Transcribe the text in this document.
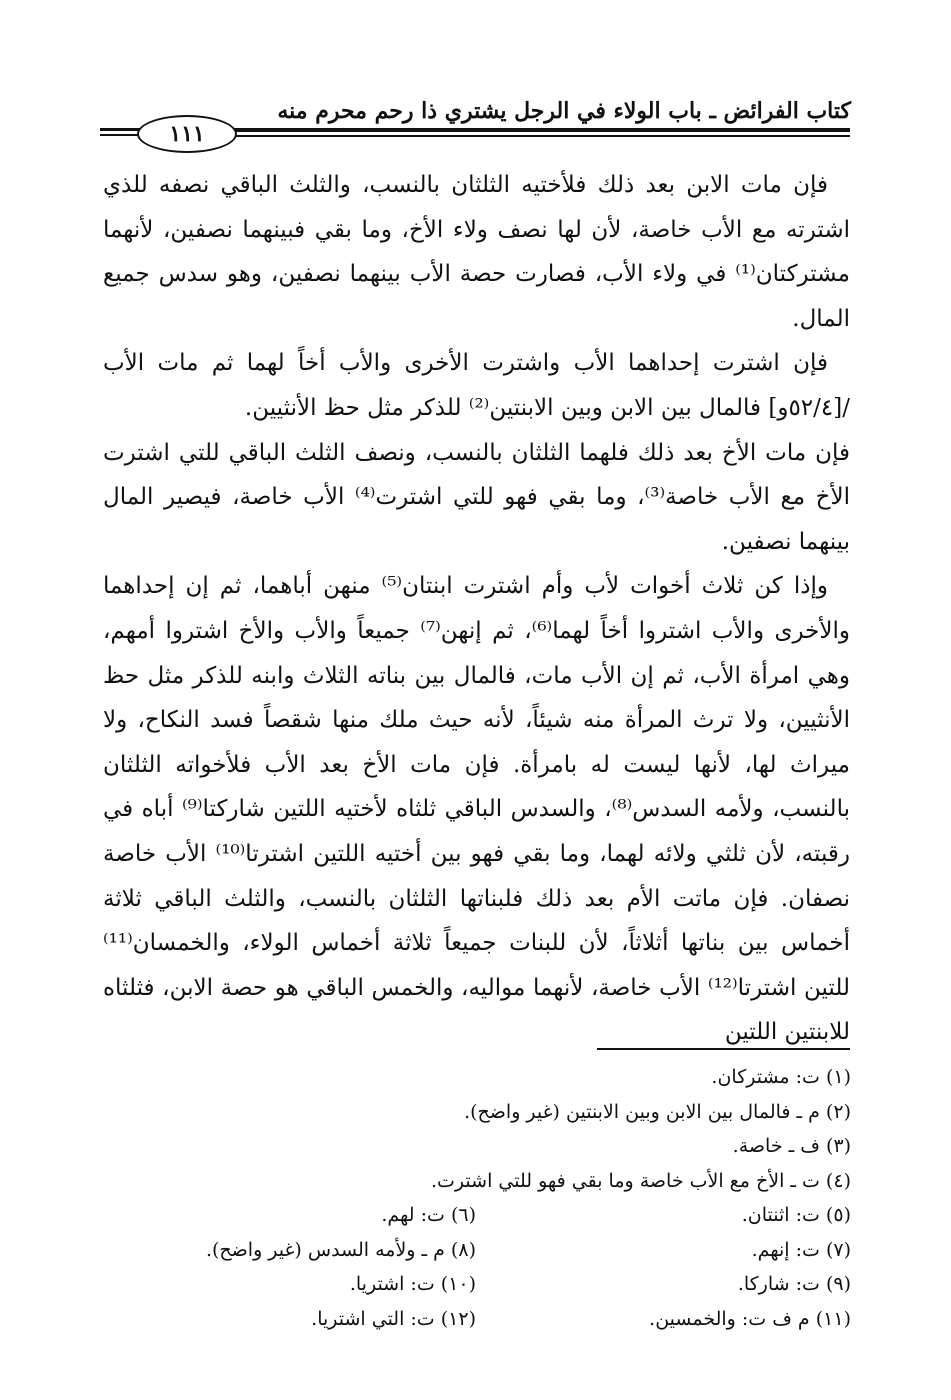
كتاب الفرائض ـ باب الولاء في الرجل يشتري ذا رحم محرم منه
١١١

فإن مات الابن بعد ذلك فلأختيه الثلثان بالنسب، والثلث الباقي نصفه للذي اشترته مع الأب خاصة، لأن لها نصف ولاء الأخ، وما بقي فبينهما نصفين، لأنهما مشتركتان⁽¹⁾ في ولاء الأب، فصارت حصة الأب بينهما نصفين، وهو سدس جميع المال.

فإن اشترت إحداهما الأب واشترت الأخرى والأب أخاً لهما ثم مات الأب /[٥٢/٤و] فالمال بين الابن وبين الابنتين⁽²⁾ للذكر مثل حظ الأنثيين.

فإن مات الأخ بعد ذلك فلهما الثلثان بالنسب، ونصف الثلث الباقي للتي اشترت الأخ مع الأب خاصة⁽³⁾، وما بقي فهو للتي اشترت⁽⁴⁾ الأب خاصة، فيصير المال بينهما نصفين.

وإذا كن ثلاث أخوات لأب وأم اشترت ابنتان⁽⁵⁾ منهن أباهما، ثم إن إحداهما والأخرى والأب اشتروا أخاً لهما⁽⁶⁾، ثم إنهن⁽⁷⁾ جميعاً والأب والأخ اشتروا أمهم، وهي امرأة الأب، ثم إن الأب مات، فالمال بين بناته الثلاث وابنه للذكر مثل حظ الأنثيين، ولا ترث المرأة منه شيئاً، لأنه حيث ملك منها شقصاً فسد النكاح، ولا ميراث لها، لأنها ليست له بامرأة. فإن مات الأخ بعد الأب فلأخواته الثلثان بالنسب، ولأمه السدس⁽⁸⁾، والسدس الباقي ثلثاه لأختيه اللتين شاركتا⁽⁹⁾ أباه في رقبته، لأن ثلثي ولائه لهما، وما بقي فهو بين أختيه اللتين اشترتا⁽¹⁰⁾ الأب خاصة نصفان. فإن ماتت الأم بعد ذلك فلبناتها الثلثان بالنسب، والثلث الباقي ثلاثة أخماس بين بناتها أثلاثاً، لأن للبنات جميعاً ثلاثة أخماس الولاء، والخمسان⁽¹¹⁾ للتين اشترتا⁽¹²⁾ الأب خاصة، لأنهما مواليه، والخمس الباقي هو حصة الابن، فثلثاه للابنتين اللتين

(١) ت: مشتركان.
(٢) م ـ فالمال بين الابن وبين الابنتين (غير واضح).
(٣) ف ـ خاصة.
(٤) ت ـ الأخ مع الأب خاصة وما بقي فهو للتي اشترت.
(٥) ت: اثنتان.
(٦) ت: لهم.
(٧) ت: إنهم.
(٨) م ـ ولأمه السدس (غير واضح).
(٩) ت: شاركا.
(١٠) ت: اشتريا.
(١١) م ف ت: والخمسين.
(١٢) ت: التي اشتريا.
